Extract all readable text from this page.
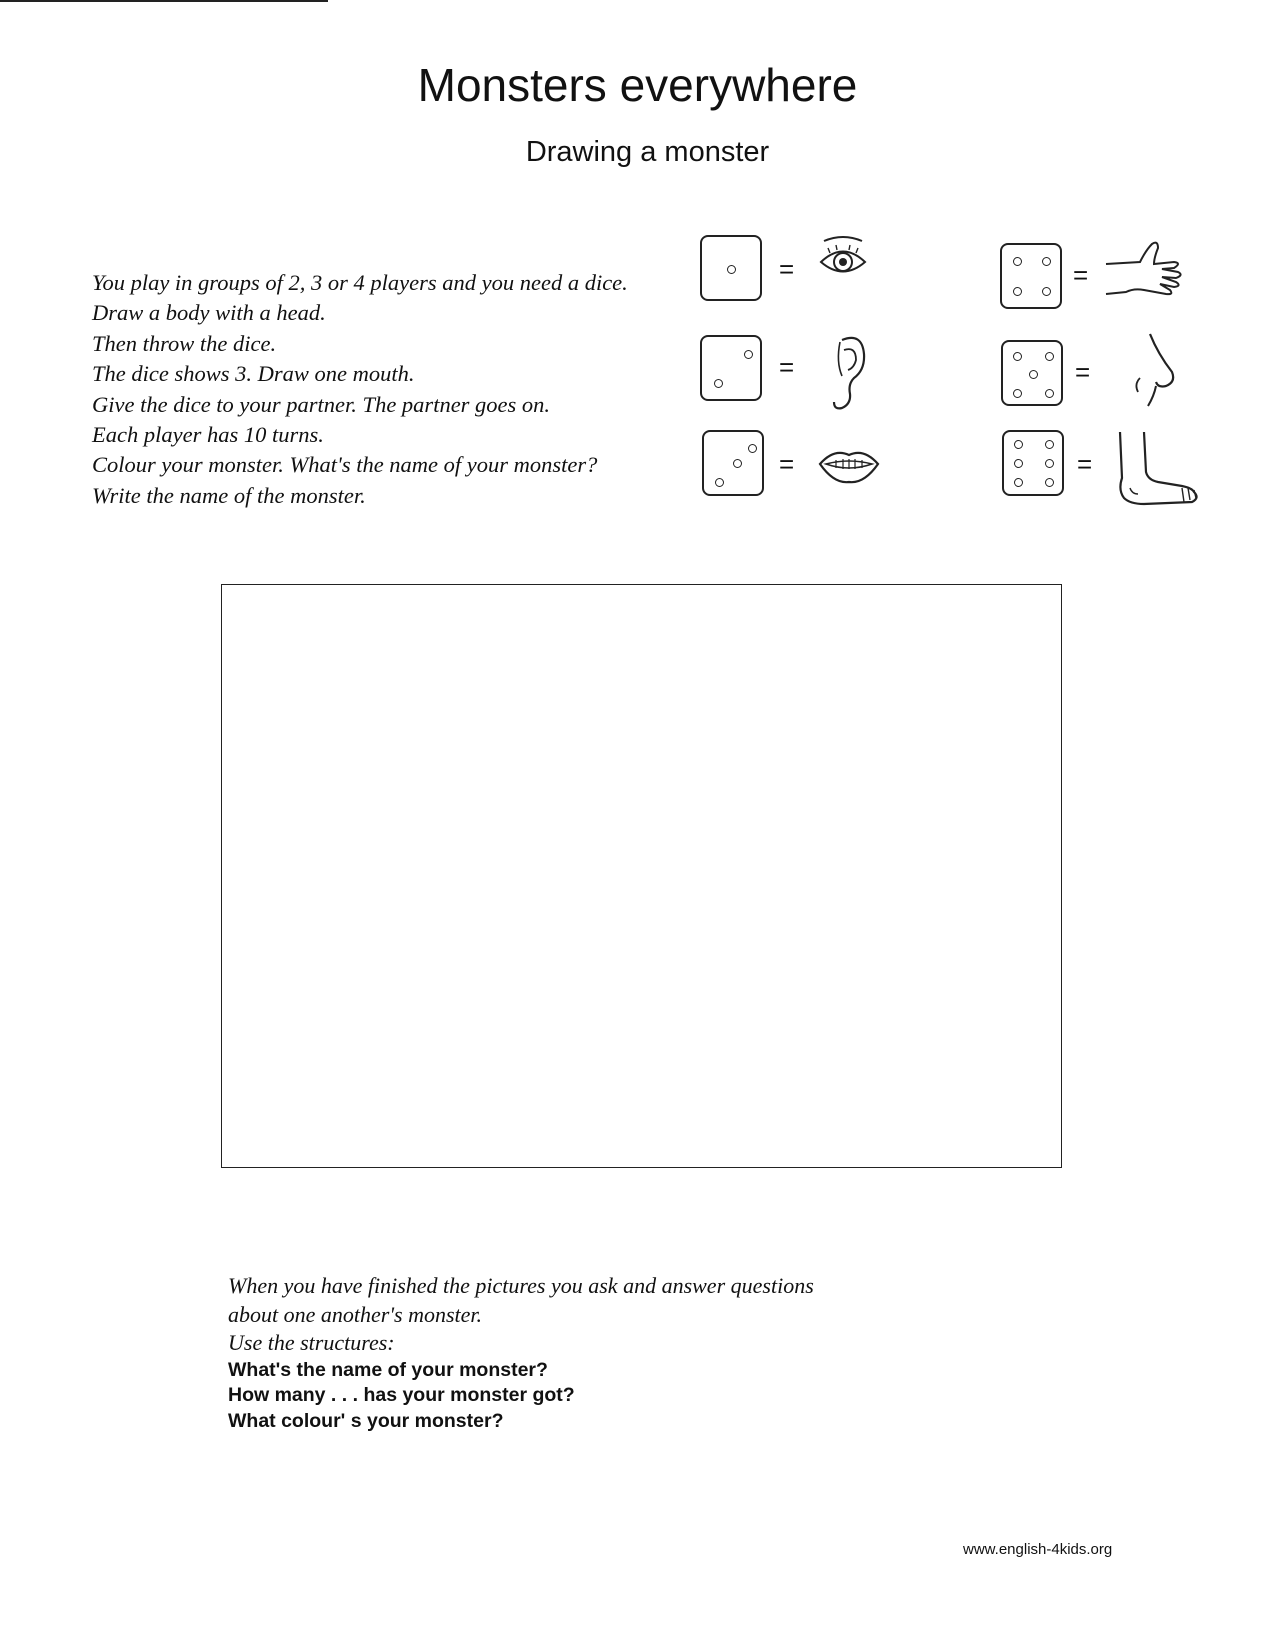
Monsters everywhere
Drawing a monster
You play in groups of 2, 3 or 4 players and you need a dice.
Draw a body with a head.
Then throw the dice.
The dice shows 3. Draw one mouth.
Give the dice to your partner. The partner goes on.
Each player has 10 turns.
Colour your monster. What's the name of your monster?
Write the name of the monster.
=
=
=
=
=
=
When you have finished the pictures you ask and answer questions
about one another's monster.
Use the structures:
What's the name of your monster?
How many . . . has your monster got?
What colour' s your monster?
www.english-4kids.org
